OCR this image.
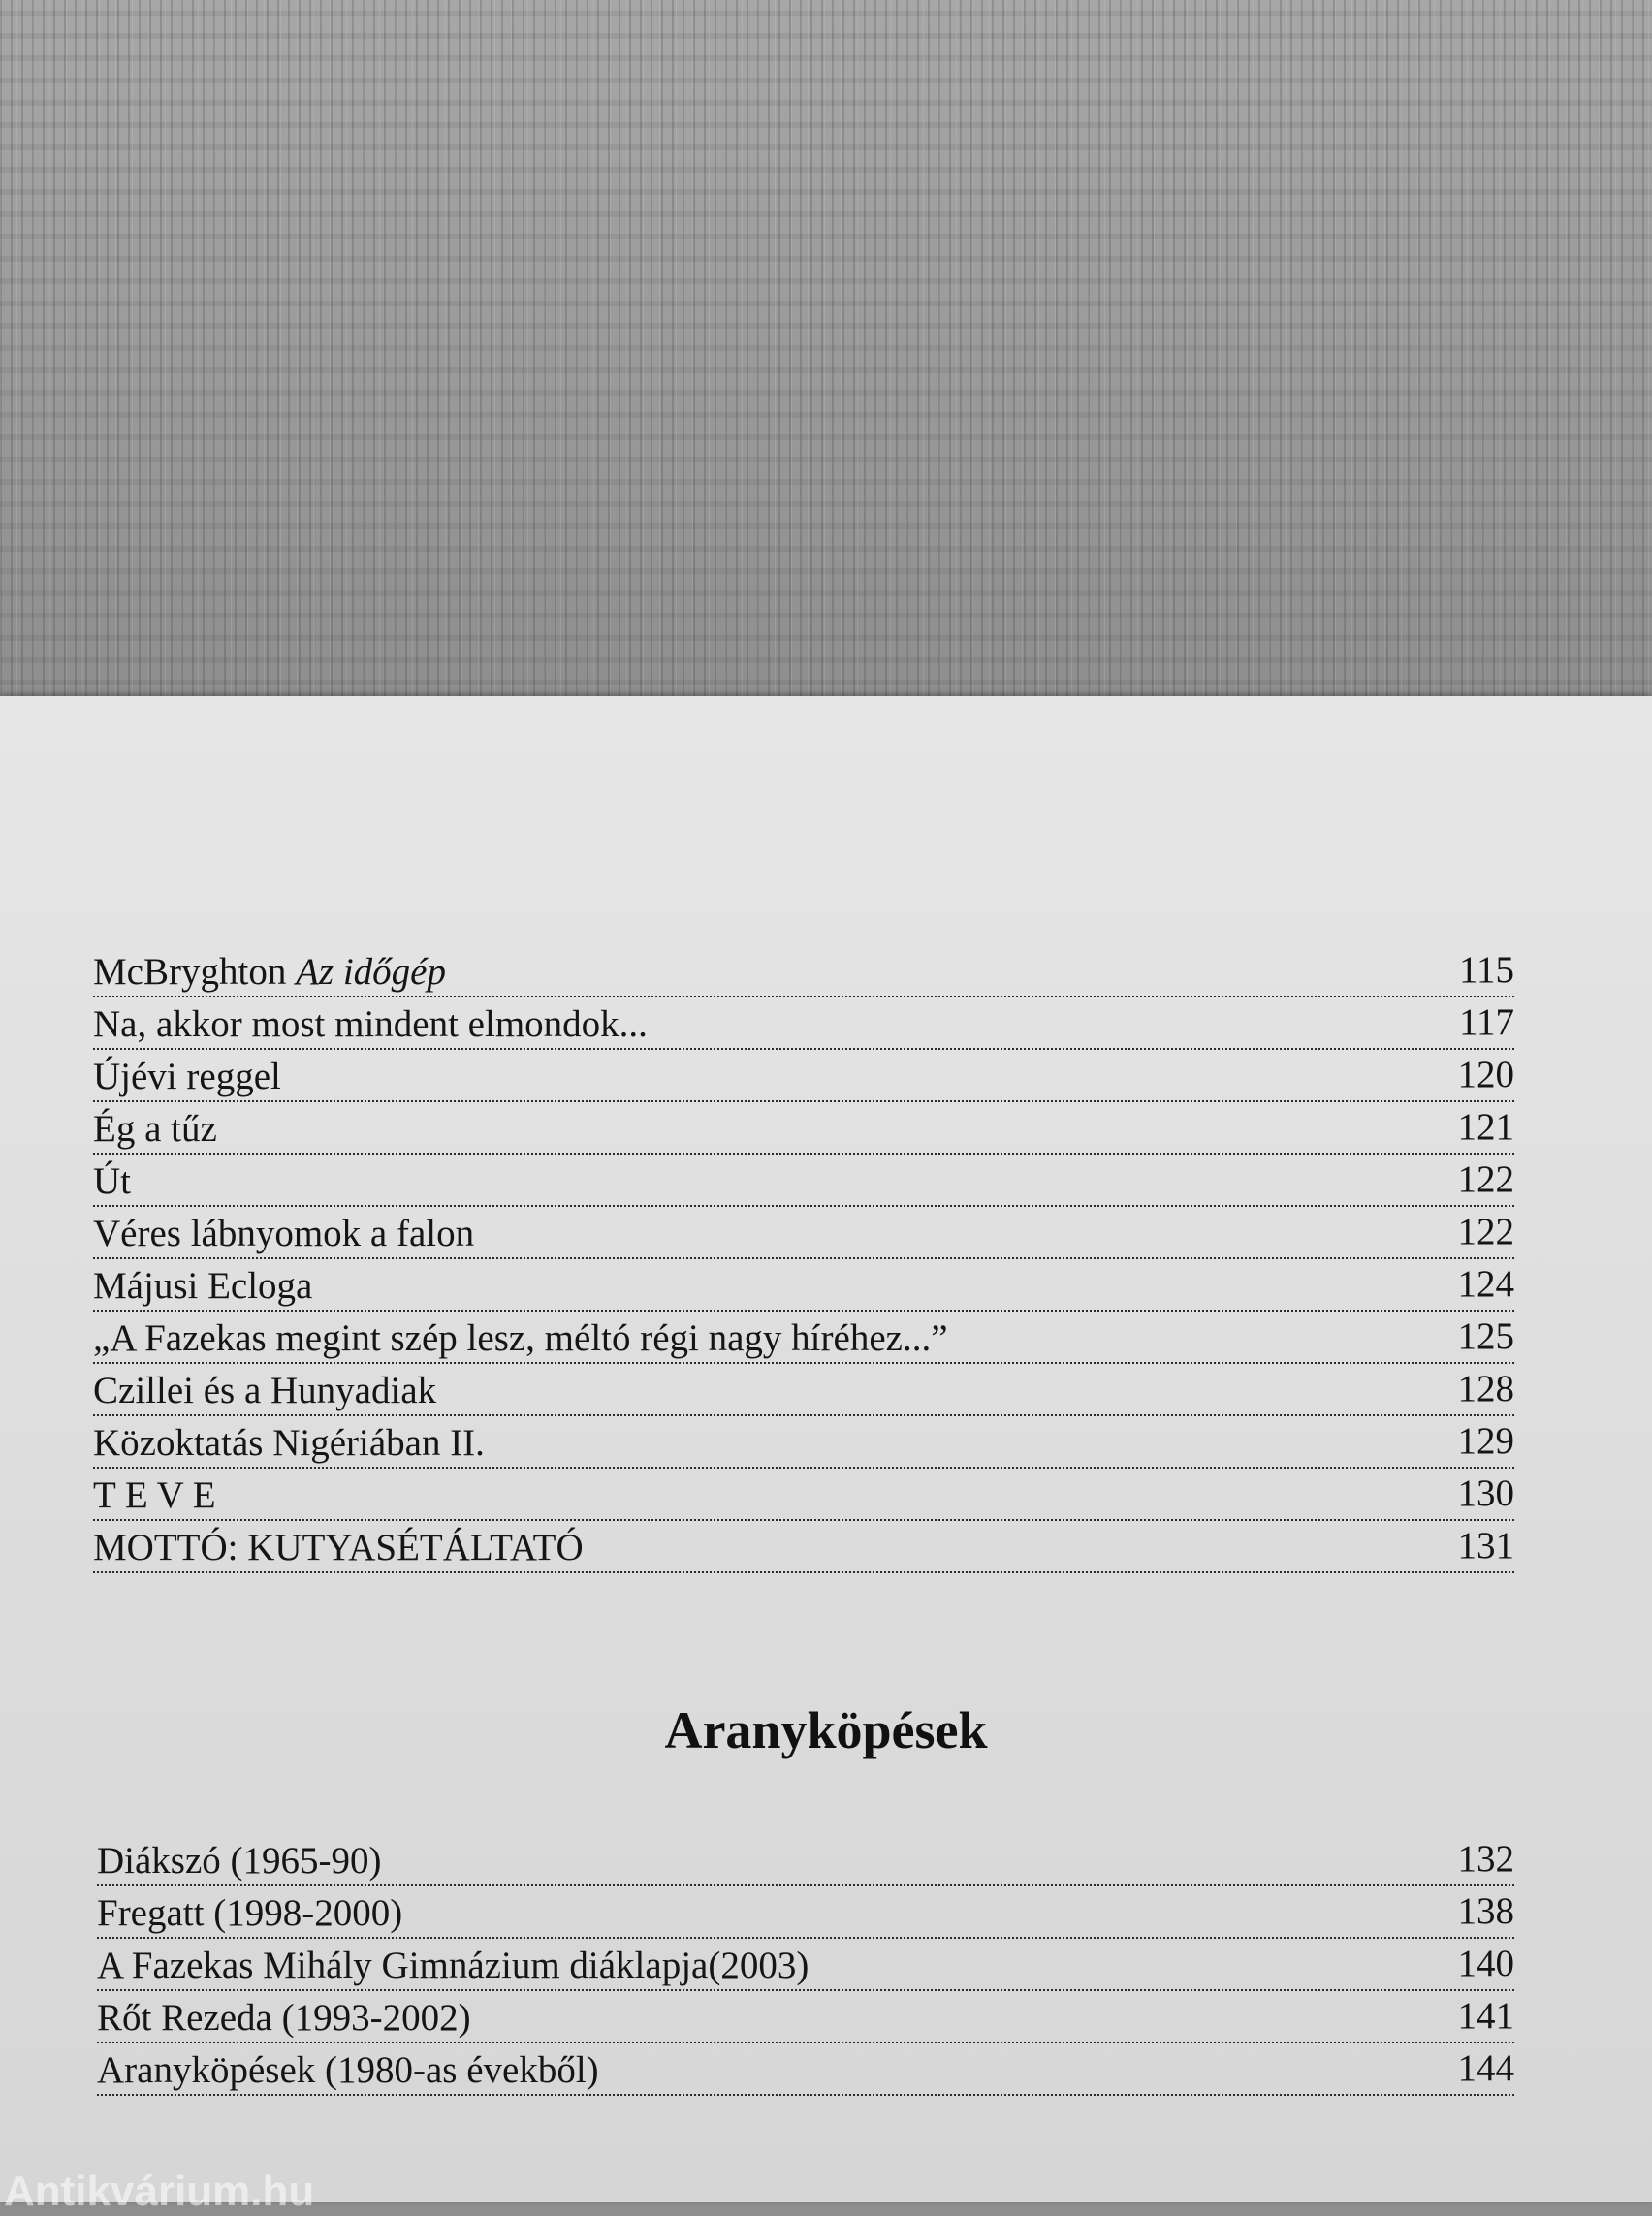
McBryghton Az időgép	115
Na, akkor most mindent elmondok...	117
Újévi reggel	120
Ég a tűz	121
Út	122
Véres lábnyomok a falon	122
Májusi Ecloga	124
„A Fazekas megint szép lesz, méltó régi nagy híréhez...”	125
Czillei és a Hunyadiak	128
Közoktatás Nigériában II.	129
TEVE	130
MOTTÓ: KUTYASÉTÁLTATÓ	131
Aranyköpések
Diákszó (1965-90)	132
Fregatt (1998-2000)	138
A Fazekas Mihály Gimnázium diáklapja(2003)	140
Rőt Rezeda (1993-2002)	141
Aranyköpések (1980-as évekből)	144
Antikvárium.hu
